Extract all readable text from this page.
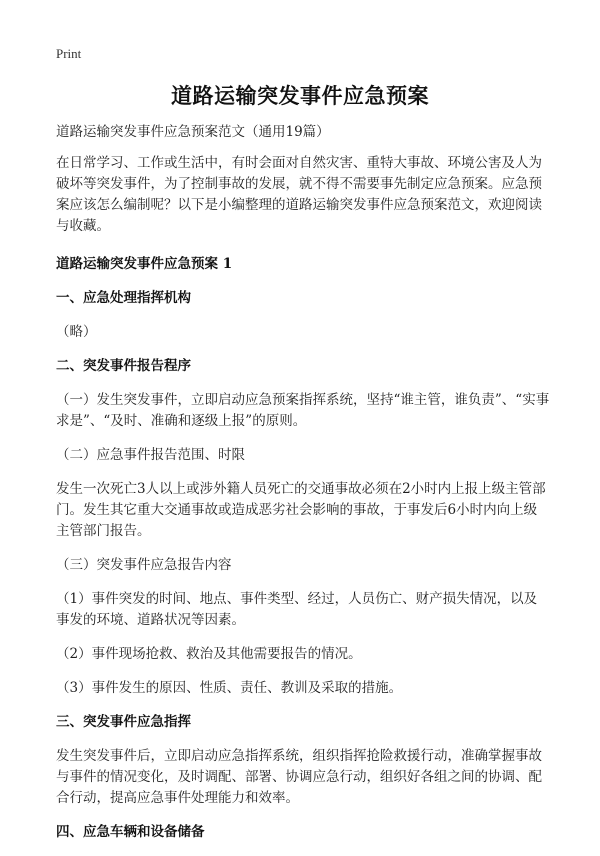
Print
道路运输突发事件应急预案

道路运输突发事件应急预案范文（通用19篇）

在日常学习、工作或生活中，有时会面对自然灾害、重特大事故、环境公害及人为破坏等突发事件，为了控制事故的发展，就不得不需要事先制定应急预案。应急预案应该怎么编制呢？以下是小编整理的道路运输突发事件应急预案范文，欢迎阅读与收藏。

道路运输突发事件应急预案 1

一、应急处理指挥机构

（略）

二、突发事件报告程序

（一）发生突发事件，立即启动应急预案指挥系统，坚持“谁主管，谁负责”、“实事求是”、“及时、准确和逐级上报”的原则。

（二）应急事件报告范围、时限

发生一次死亡3人以上或涉外籍人员死亡的交通事故必须在2小时内上报上级主管部门。发生其它重大交通事故或造成恶劣社会影响的事故，于事发后6小时内向上级主管部门报告。

（三）突发事件应急报告内容

（1）事件突发的时间、地点、事件类型、经过，人员伤亡、财产损失情况，以及事发的环境、道路状况等因素。

（2）事件现场抢救、救治及其他需要报告的情况。

（3）事件发生的原因、性质、责任、教训及采取的措施。

三、突发事件应急指挥

发生突发事件后，立即启动应急指挥系统，组织指挥抢险救援行动，准确掌握事故与事件的情况变化，及时调配、部署、协调应急行动，组织好各组之间的协调、配合行动，提高应急事件处理能力和效率。

四、应急车辆和设备储备
